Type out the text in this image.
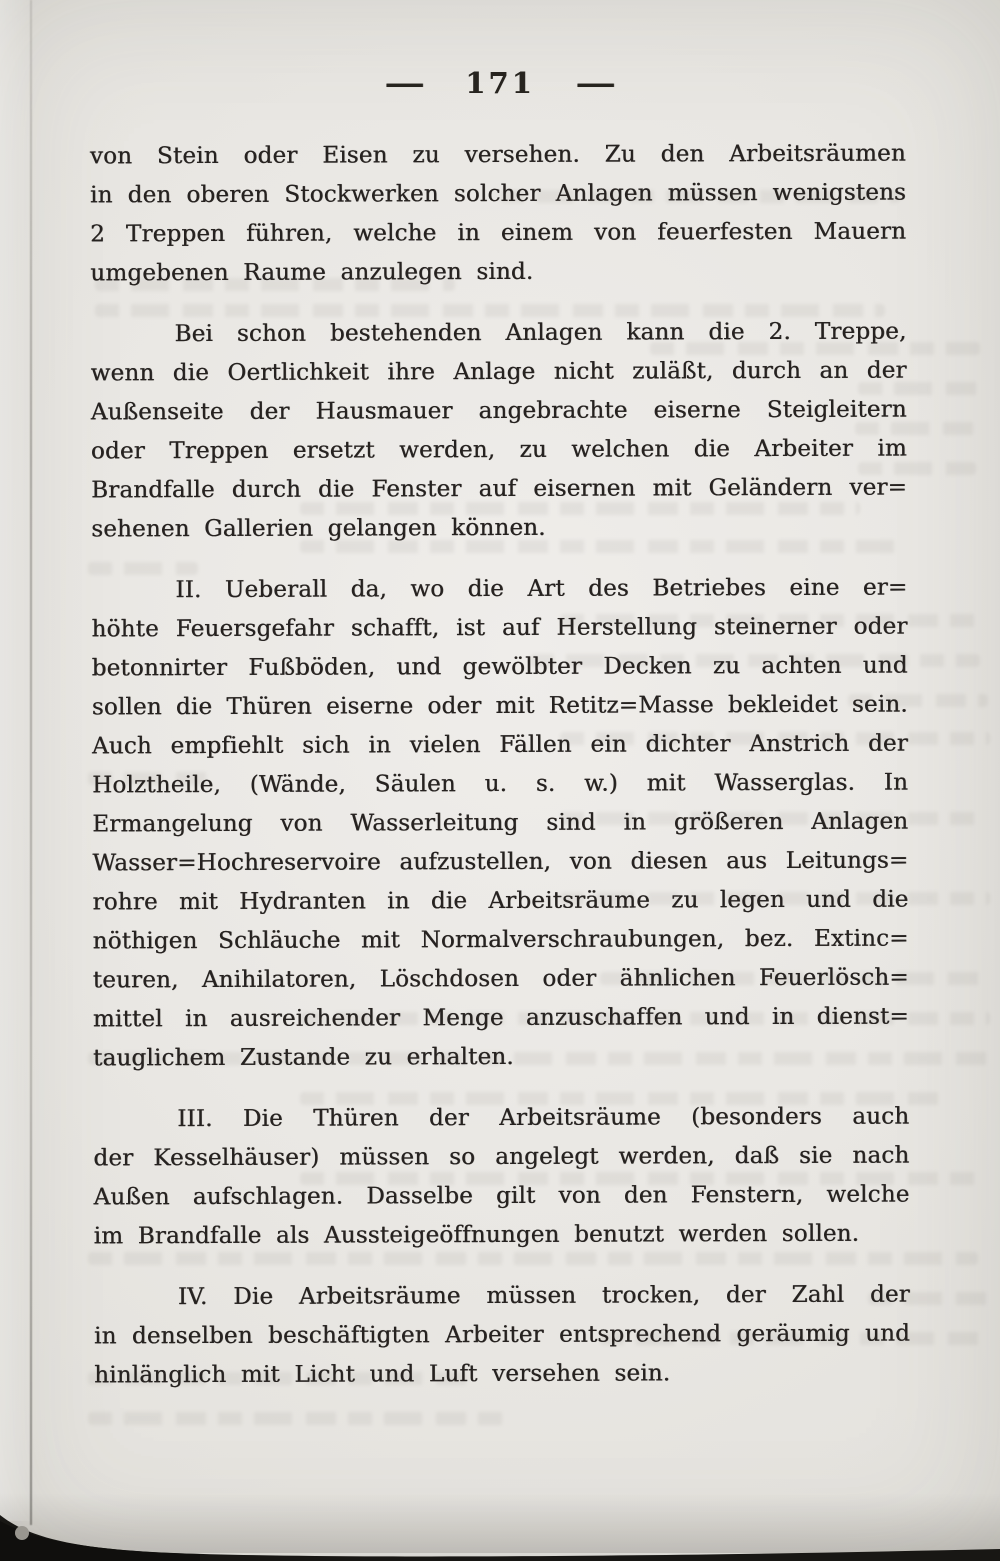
— 171 —
von Stein oder Eisen zu versehen. Zu den Arbeitsräumen
in den oberen Stockwerken solcher Anlagen müssen wenigstens
2 Treppen führen, welche in einem von feuerfesten Mauern
umgebenen Raume anzulegen sind.
Bei schon bestehenden Anlagen kann die 2. Treppe,
wenn die Oertlichkeit ihre Anlage nicht zuläßt, durch an der
Außenseite der Hausmauer angebrachte eiserne Steigleitern
oder Treppen ersetzt werden, zu welchen die Arbeiter im
Brandfalle durch die Fenster auf eisernen mit Geländern ver=
sehenen Gallerien gelangen können.
II. Ueberall da, wo die Art des Betriebes eine er=
höhte Feuersgefahr schafft, ist auf Herstellung steinerner oder
betonnirter Fußböden, und gewölbter Decken zu achten und
sollen die Thüren eiserne oder mit Retitz=Masse bekleidet sein.
Auch empfiehlt sich in vielen Fällen ein dichter Anstrich der
Holztheile, (Wände, Säulen u. s. w.) mit Wasserglas. In
Ermangelung von Wasserleitung sind in größeren Anlagen
Wasser=Hochreservoire aufzustellen, von diesen aus Leitungs=
rohre mit Hydranten in die Arbeitsräume zu legen und die
nöthigen Schläuche mit Normalverschraubungen, bez. Extinc=
teuren, Anihilatoren, Löschdosen oder ähnlichen Feuerlösch=
mittel in ausreichender Menge anzuschaffen und in dienst=
tauglichem Zustande zu erhalten.
III. Die Thüren der Arbeitsräume (besonders auch
der Kesselhäuser) müssen so angelegt werden, daß sie nach
Außen aufschlagen. Dasselbe gilt von den Fenstern, welche
im Brandfalle als Aussteigeöffnungen benutzt werden sollen.
IV. Die Arbeitsräume müssen trocken, der Zahl der
in denselben beschäftigten Arbeiter entsprechend geräumig und
hinlänglich mit Licht und Luft versehen sein.
